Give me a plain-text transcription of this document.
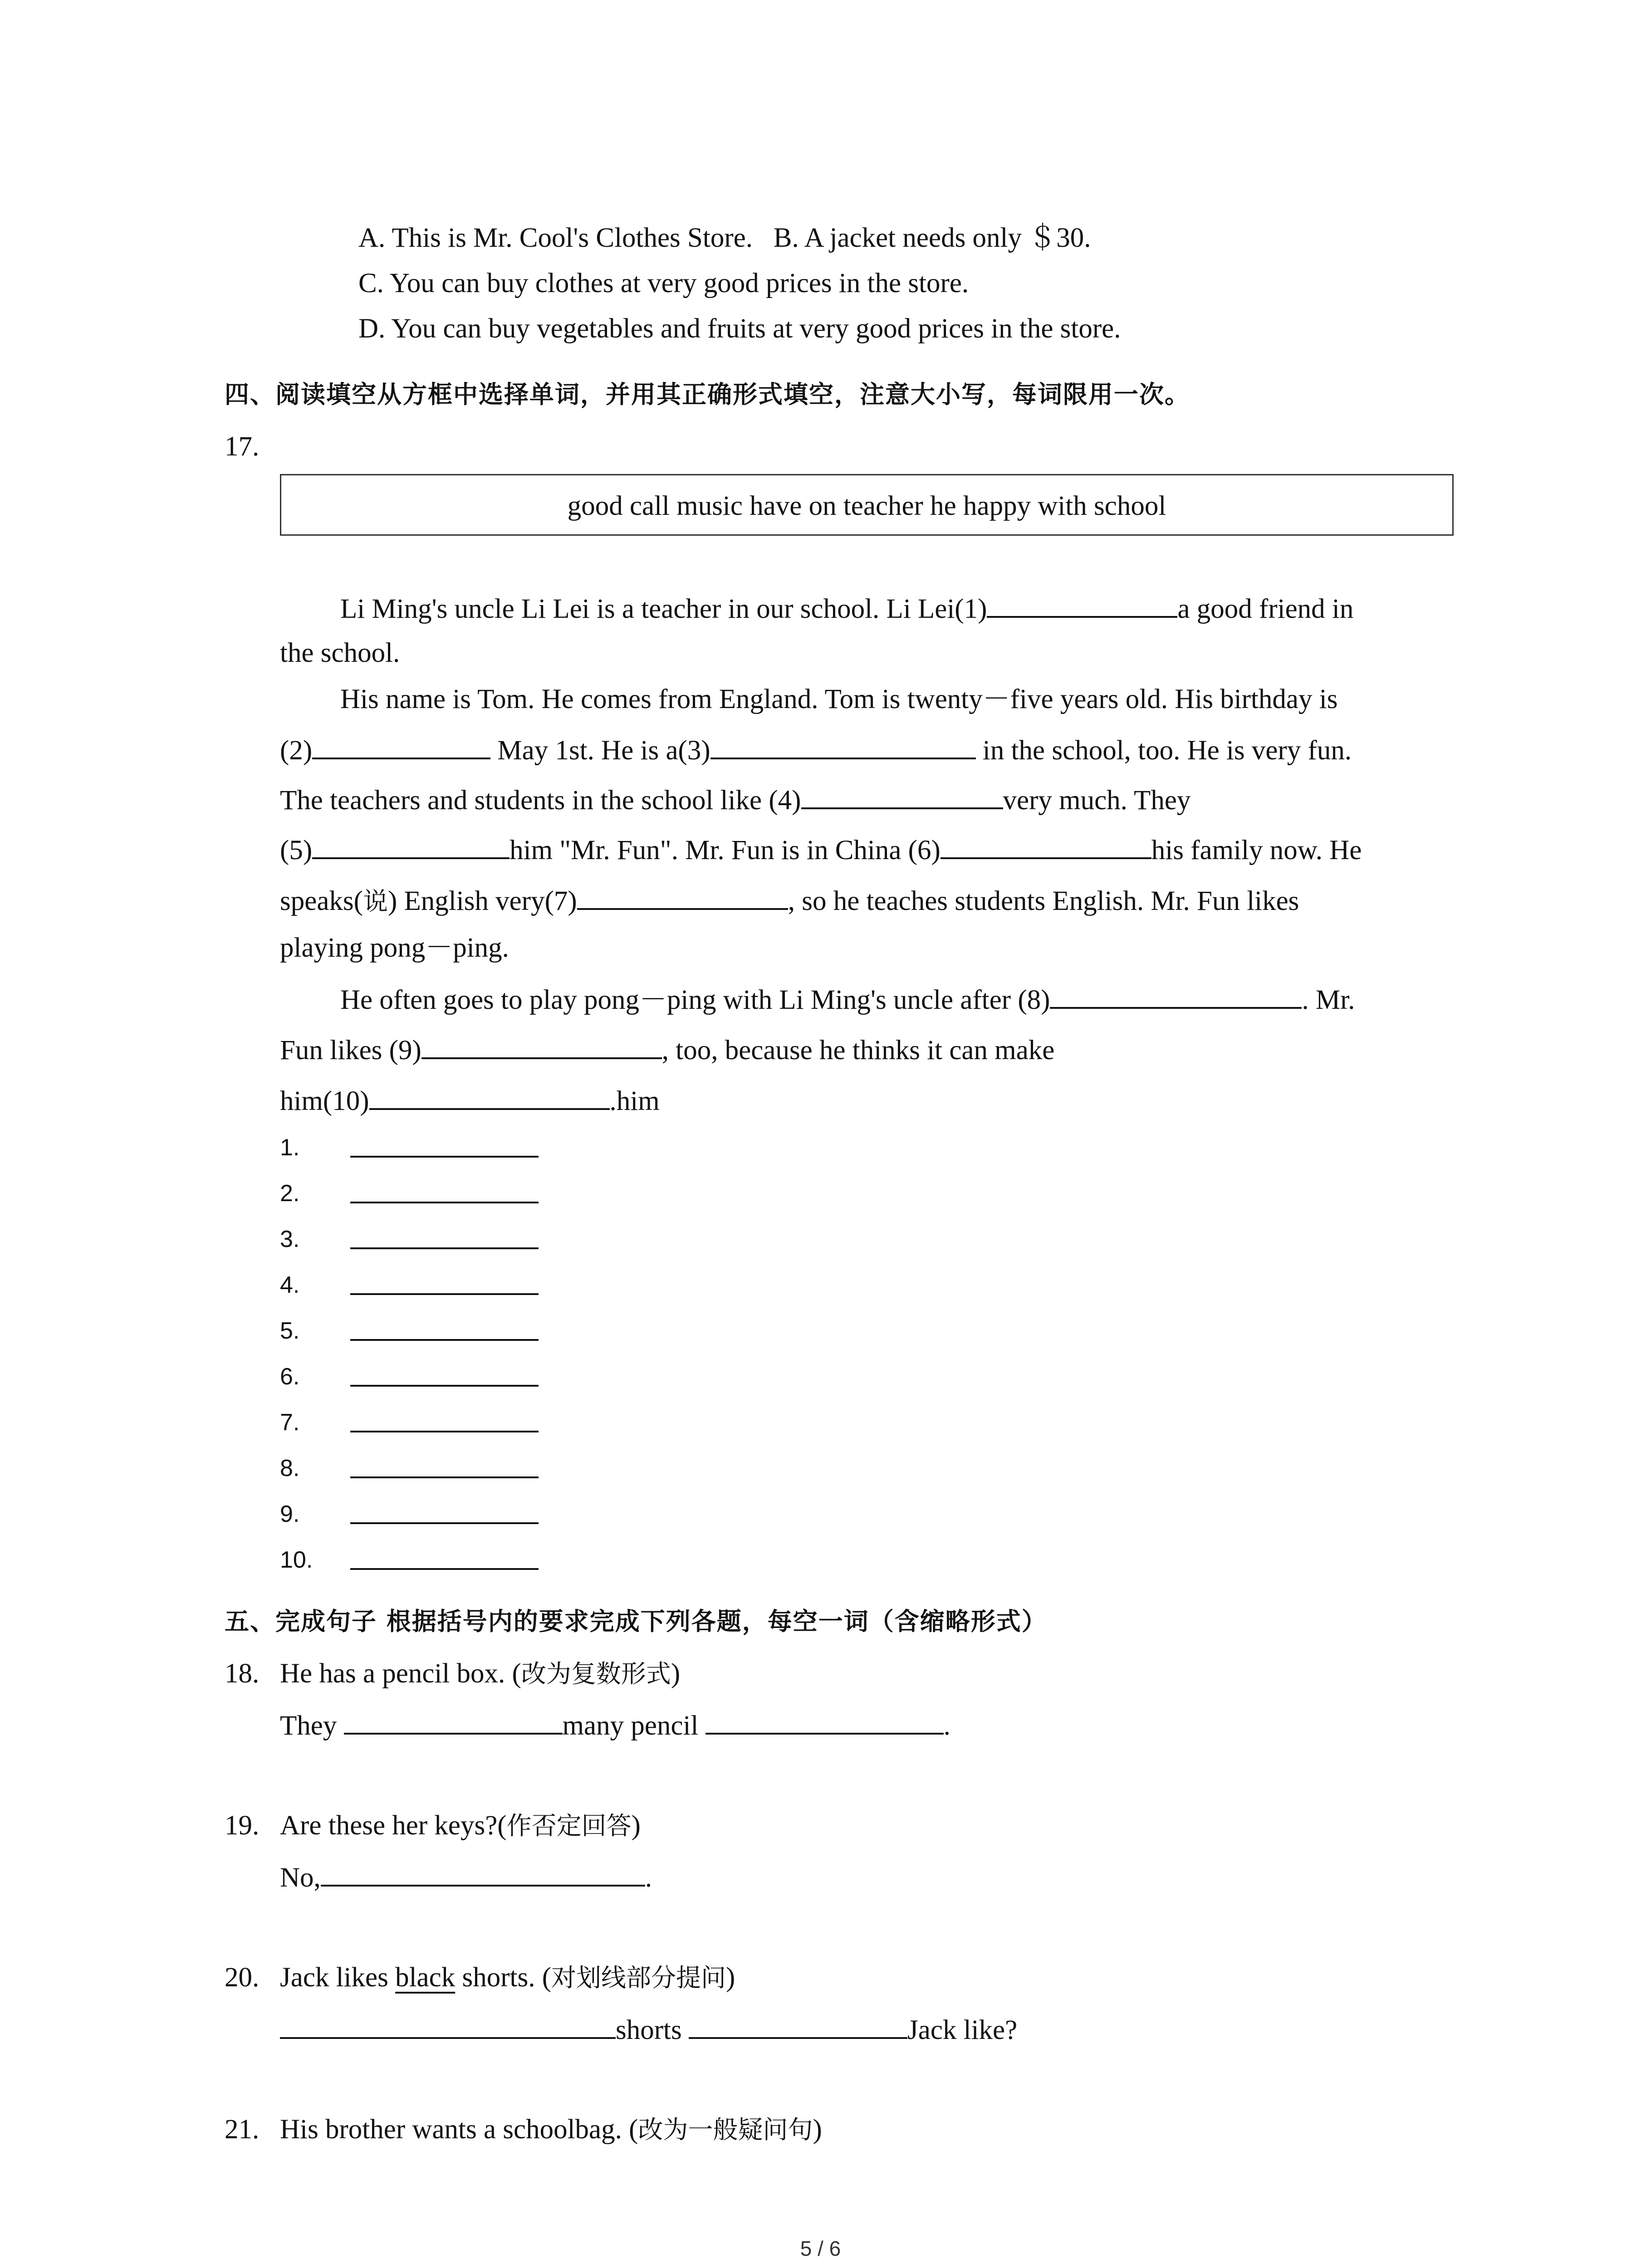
A. This is Mr. Cool's Clothes Store. B. A jacket needs only ＄30.
C. You can buy clothes at very good prices in the store.
D. You can buy vegetables and fruits at very good prices in the store.
四、阅读填空从方框中选择单词，并用其正确形式填空，注意大小写，每词限用一次。
17.
good call music have on teacher he happy with school
Li Ming's uncle Li Lei is a teacher in our school. Li Lei(1)	a good friend in
the school.
His name is Tom. He comes from England. Tom is twenty－five years old. His birthday is
(2)	May 1st. He is a(3)	in the school, too. He is very fun.
The teachers and students in the school like (4)	very much. They
(5)	him "Mr. Fun". Mr. Fun is in China (6)	his family now. He
speaks(说) English very(7)	, so he teaches students English. Mr. Fun likes
playing pong－ping.
He often goes to play pong－ping with Li Ming's uncle after (8)	. Mr.
Fun likes (9)	, too, because he thinks it can make
him(10)	.him
1.
2.
3.
4.
5.
6.
7.
8.
9.
10.
五、完成句子 根据括号内的要求完成下列各题，每空一词（含缩略形式）
18. He has a pencil box. (改为复数形式)
They	many pencil	.
19. Are these her keys?(作否定回答)
No,	.
20. Jack likes black shorts. (对划线部分提问)
shorts	Jack like?
21. His brother wants a schoolbag. (改为一般疑问句)
5 / 6
